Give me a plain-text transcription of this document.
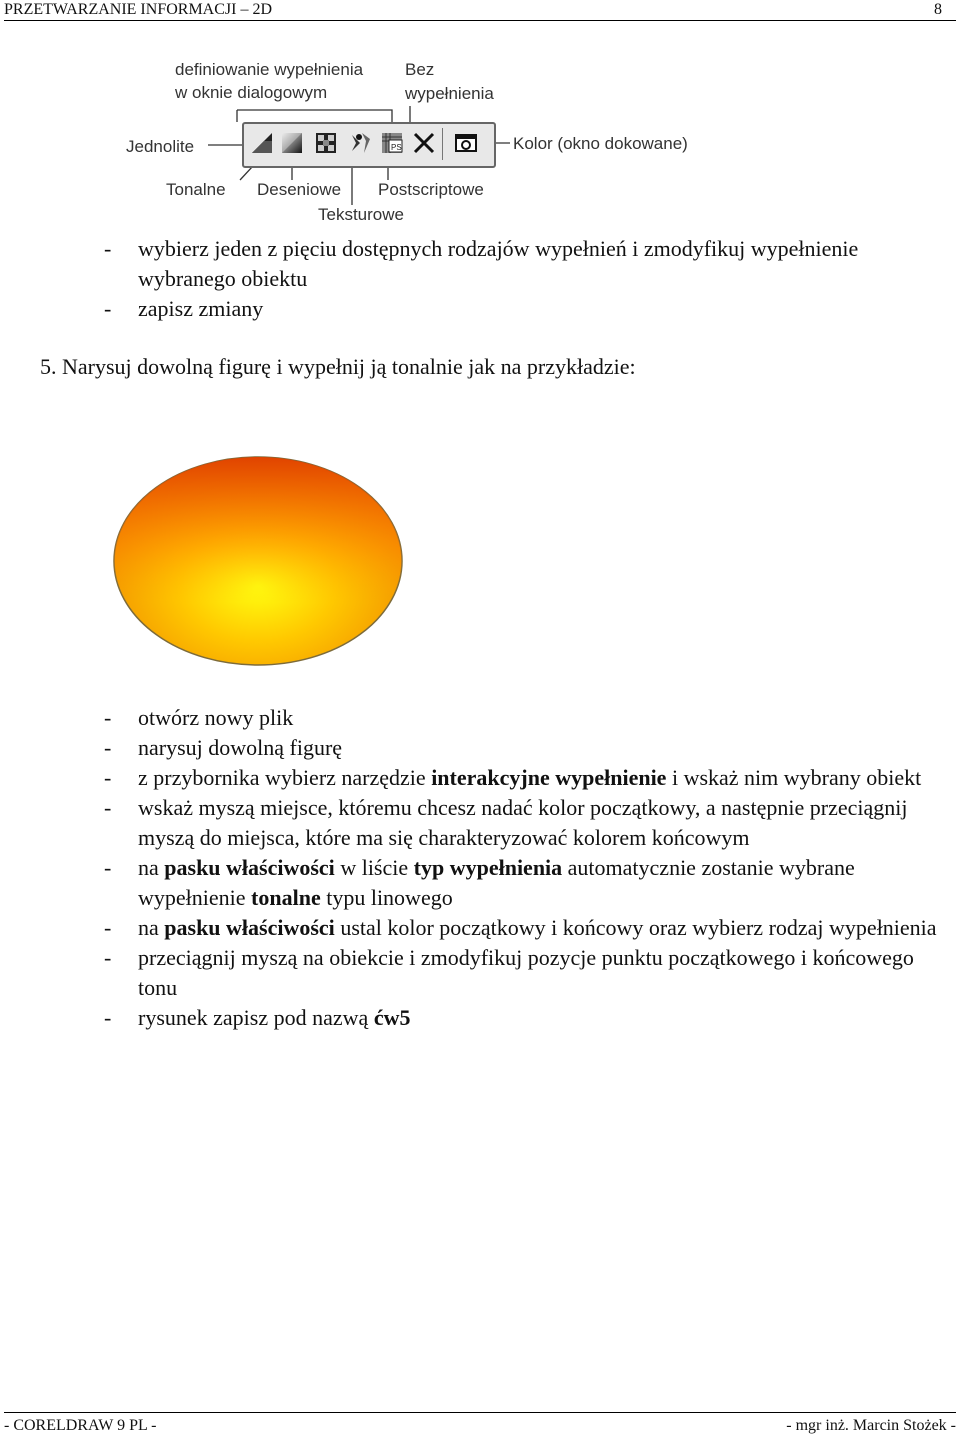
PRZETWARZANIE INFORMACJI – 2D	8
definiowanie wypełnienia
w oknie dialogowym
Bez
wypełnienia
Jednolite	Kolor (okno dokowane)
Tonalne Deseniowe Postscriptowe
Teksturowe
PS
- wybierz jeden z pięciu dostępnych rodzajów wypełnień i zmodyfikuj wypełnienie wybranego obiektu
- zapisz zmiany
5. Narysuj dowolną figurę i wypełnij ją tonalnie jak na przykładzie:
- otwórz nowy plik
- narysuj dowolną figurę
- z przybornika wybierz narzędzie interakcyjne wypełnienie i wskaż nim wybrany obiekt
- wskaż myszą miejsce, któremu chcesz nadać kolor początkowy, a następnie przeciągnij myszą do miejsca, które ma się charakteryzować kolorem końcowym
- na pasku właściwości w liście typ wypełnienia automatycznie zostanie wybrane wypełnienie tonalne typu linowego
- na pasku właściwości ustal kolor początkowy i końcowy oraz wybierz rodzaj wypełnienia
- przeciągnij myszą na obiekcie i zmodyfikuj pozycje punktu początkowego i końcowego tonu
- rysunek zapisz pod nazwą ćw5
- CORELDRAW 9 PL -	- mgr inż. Marcin Stożek -
